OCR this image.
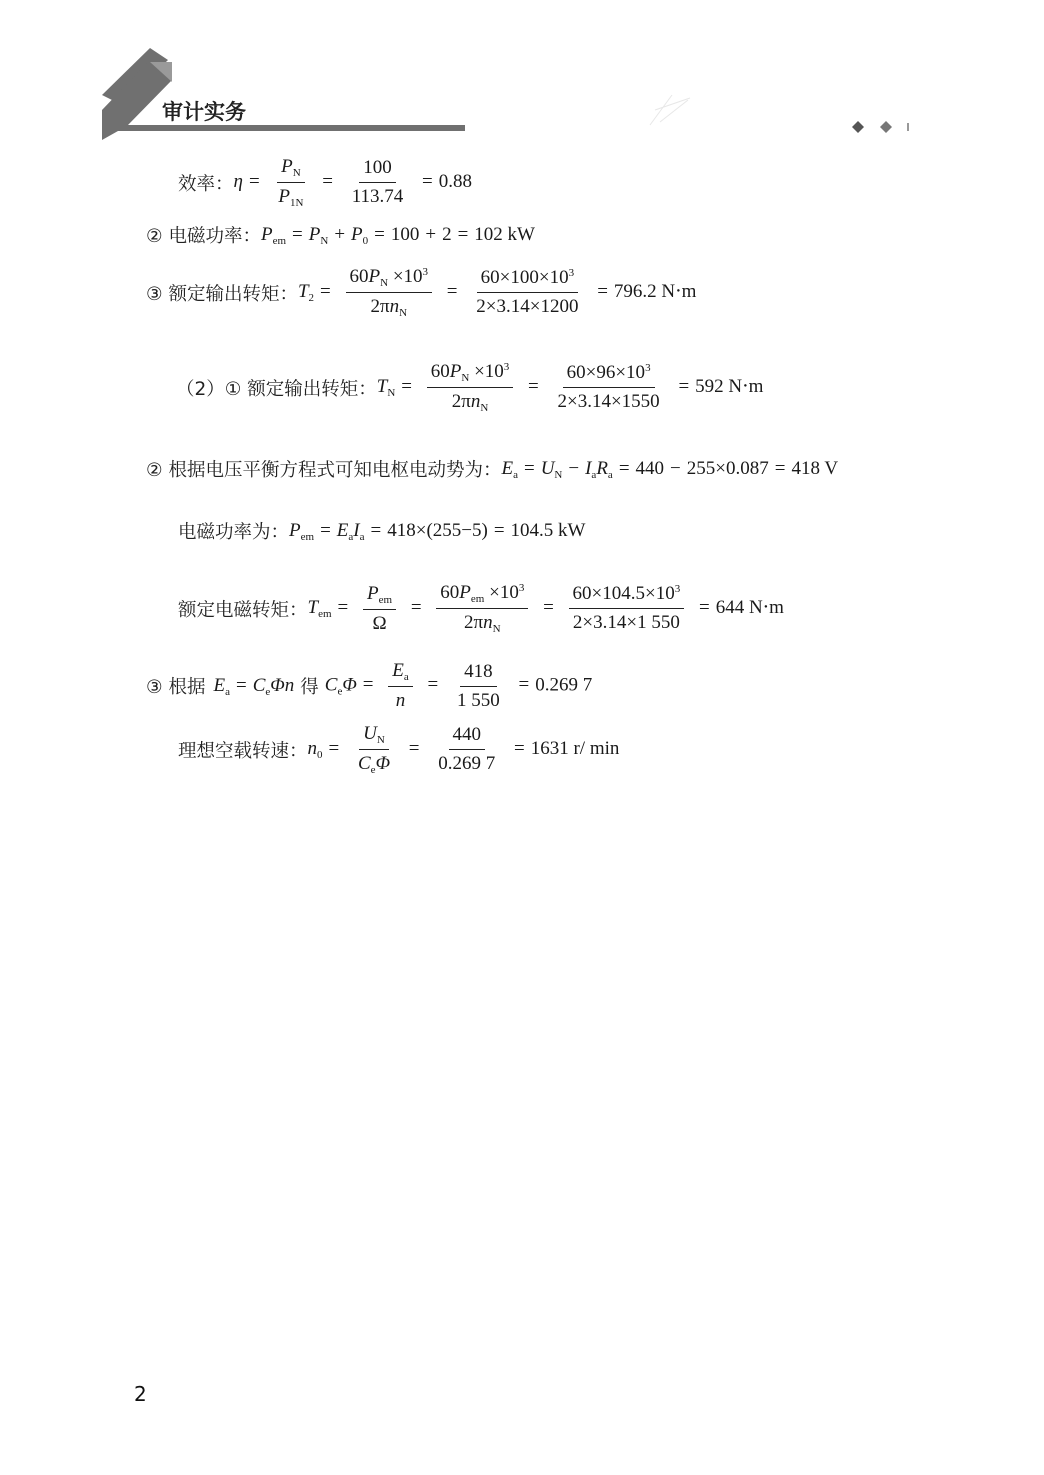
审计实务
效率： $\eta = \frac{P_N}{P_{1N}} = \frac{100}{113.74} = 0.88$
② 电磁功率： $P_{em} = P_N + P_0 = 100 + 2 = 102$ kW
③ 额定输出转矩： $T_2 = \frac{60P_N \times 10^3}{2\pi n_N} = \frac{60\times 100\times 10^3}{2\times 3.14\times 1200} = 796.2$ N⋅m
（2）① 额定输出转矩： $T_N = \frac{60P_N \times 10^3}{2\pi n_N} = \frac{60\times 96\times 10^3}{2\times 3.14\times 1550} = 592$ N⋅m
② 根据电压平衡方程式可知电枢电动势为： $E_a = U_N - I_aR_a = 440 - 255\times 0.087 = 418$ V
电磁功率为： $P_{em} = E_aI_a = 418\times(255-5) = 104.5$ kW
额定电磁转矩： $T_{em} = \frac{P_{em}}{\Omega} = \frac{60P_{em} \times 10^3}{2\pi n_N} = \frac{60\times 104.5\times 10^3}{2\times 3.14\times 1 550} = 644$ N⋅m
③ 根据 $E_a = C_e\Phi n$ 得 $C_e\Phi = \frac{E_a}{n} = \frac{418}{1 550} = 0.269$ 7
理想空载转速： $n_0 = \frac{U_N}{C_e\Phi} = \frac{440}{0.269 7} = 1631$ r/ min
2
